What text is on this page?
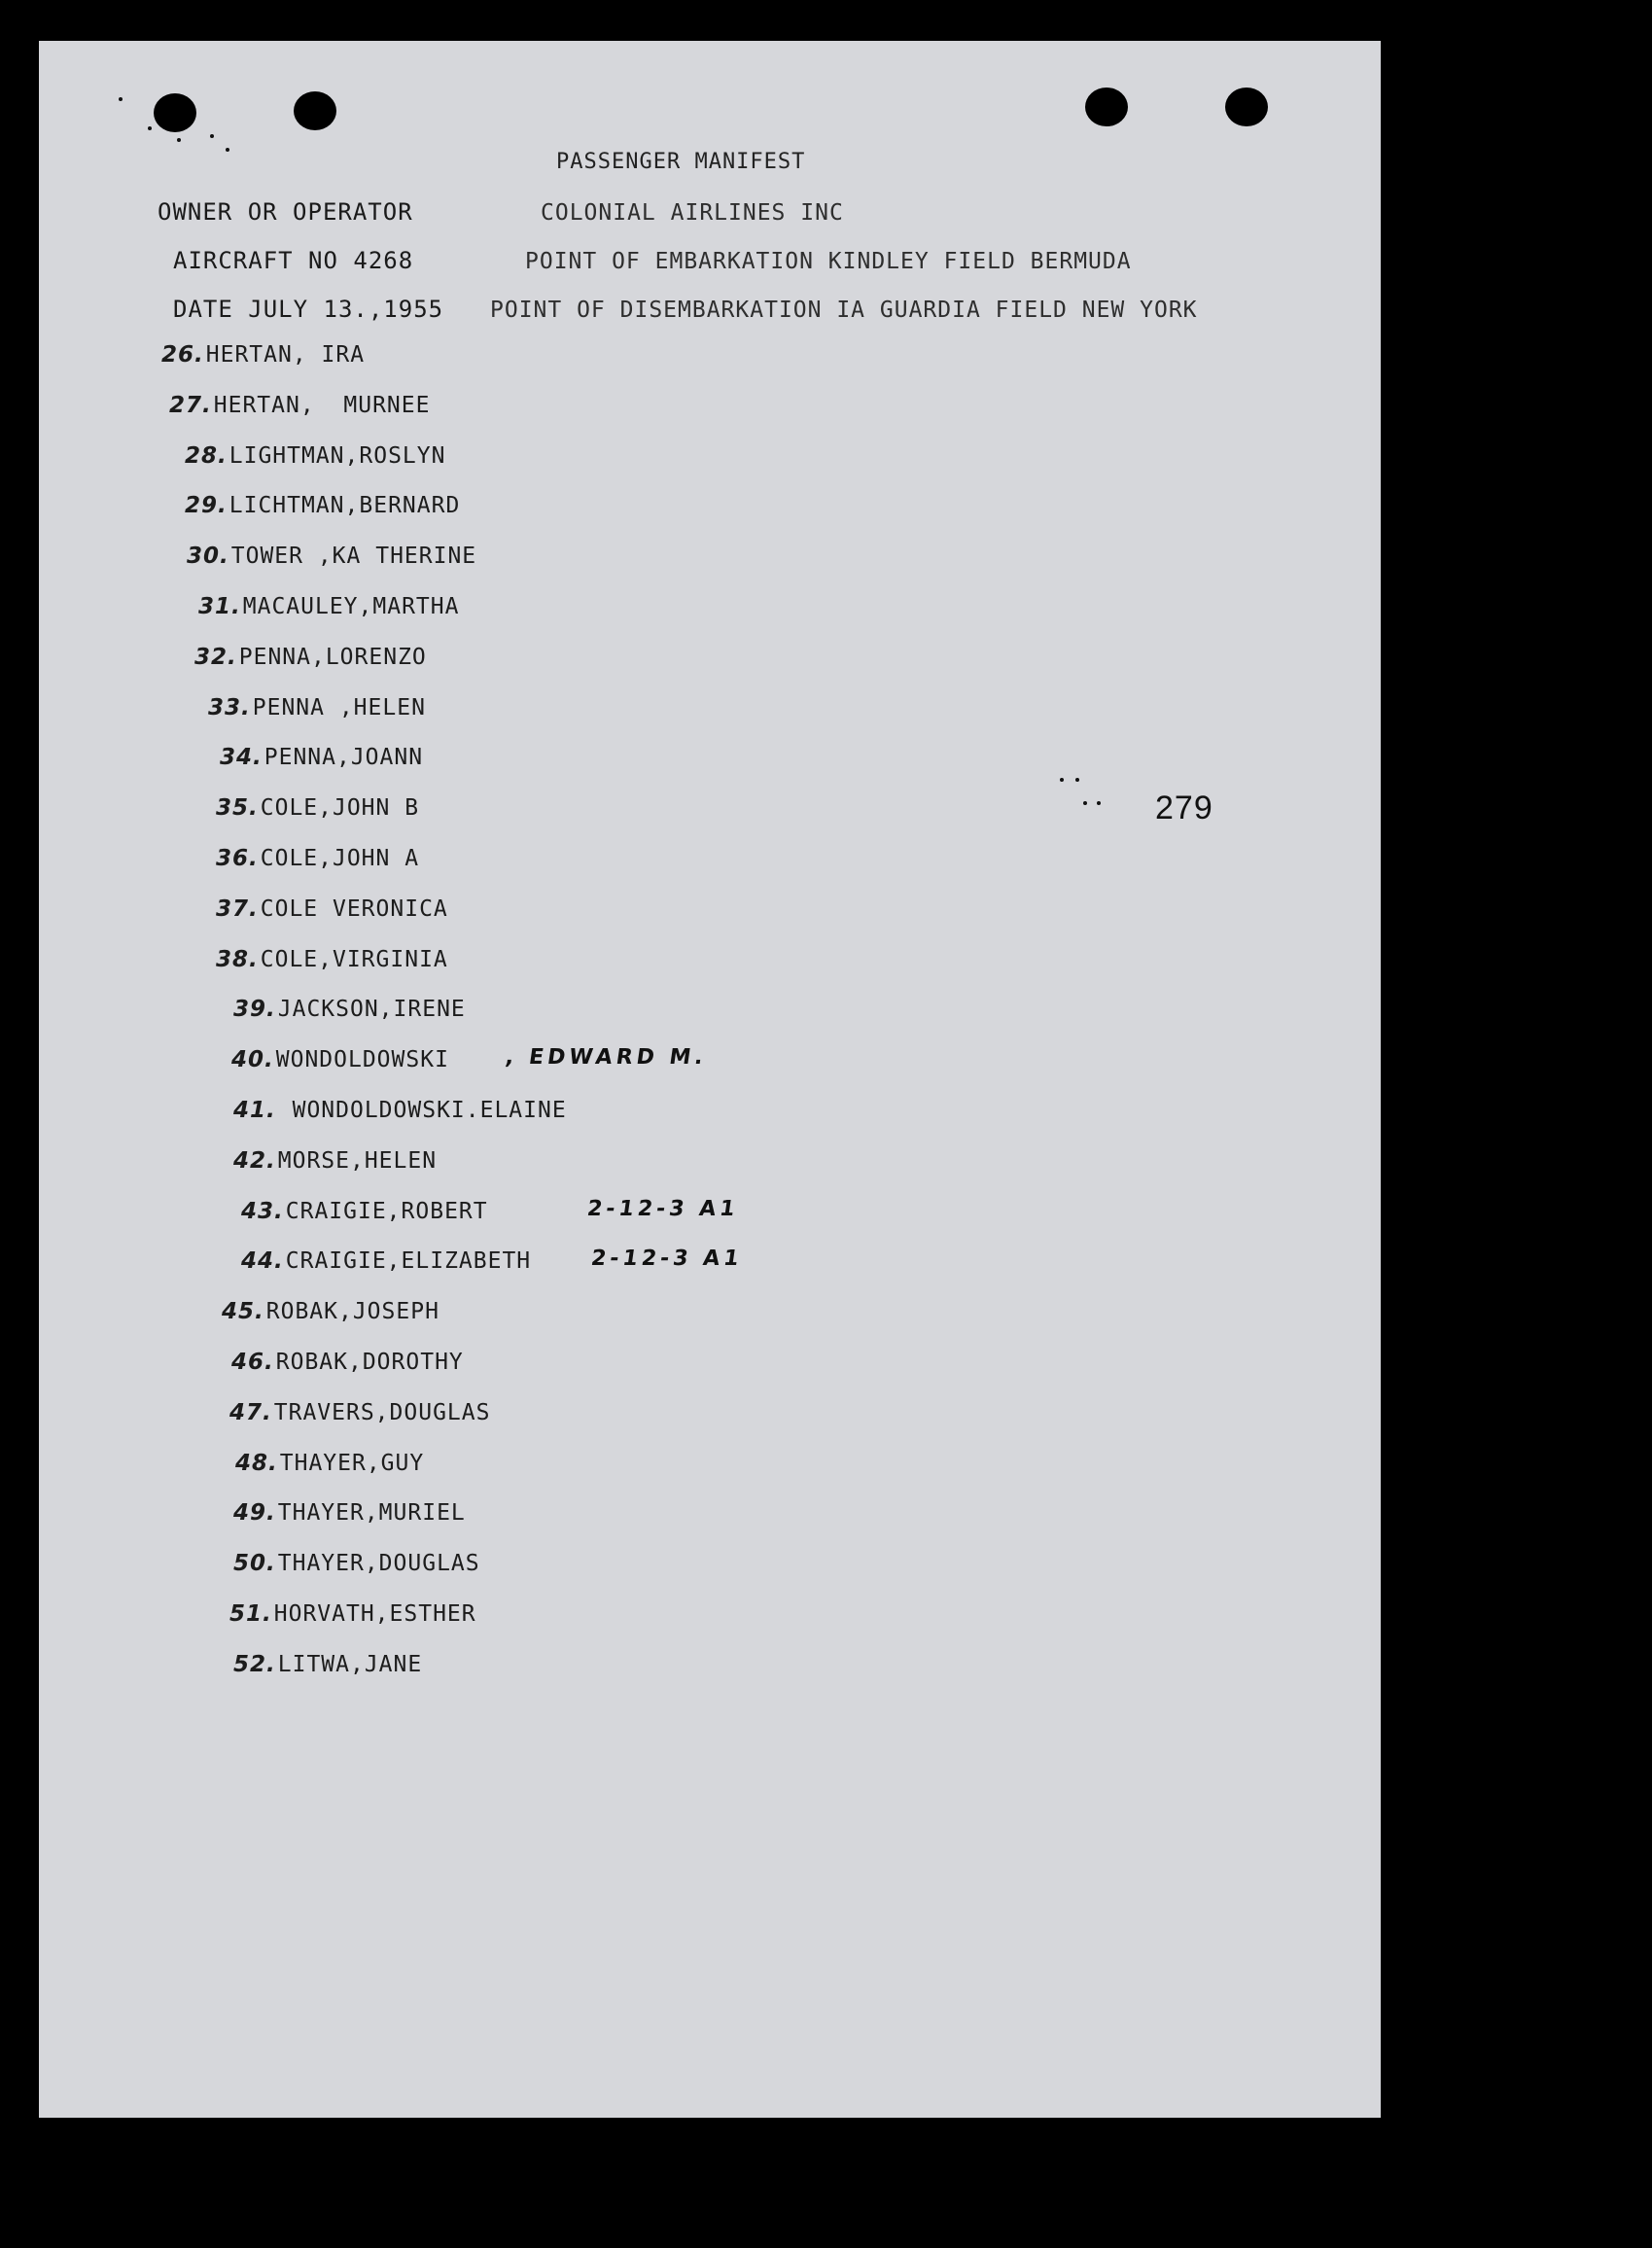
PASSENGER MANIFEST
OWNER OR OPERATOR	COLONIAL AIRLINES INC
AIRCRAFT NO 4268	POINT OF EMBARKATION KINDLEY FIELD BERMUDA
DATE JULY 13.,1955 POINT OF DISEMBARKATION IA GUARDIA FIELD NEW YORK
26.HERTAN, IRA
27.HERTAN,  MURNEE
28.LIGHTMAN,ROSLYN
29.LICHTMAN,BERNARD
30.TOWER ,KA THERINE
31.MACAULEY,MARTHA
32.PENNA,LORENZO
33.PENNA ,HELEN
34.PENNA,JOANN
35.COLE,JOHN B
36.COLE,JOHN A
37.COLE VERONICA
38.COLE,VIRGINIA
39.JACKSON,IRENE
40.WONDOLDOWSKI	, EDWARD M.
41. WONDOLDOWSKI.ELAINE
42.MORSE,HELEN
43.CRAIGIE,ROBERT	2-12-3 A1
44.CRAIGIE,ELIZABETH	2-12-3 A1
45.ROBAK,JOSEPH
46.ROBAK,DOROTHY
47.TRAVERS,DOUGLAS
48.THAYER,GUY
49.THAYER,MURIEL
50.THAYER,DOUGLAS
51.HORVATH,ESTHER
52.LITWA,JANE
279
